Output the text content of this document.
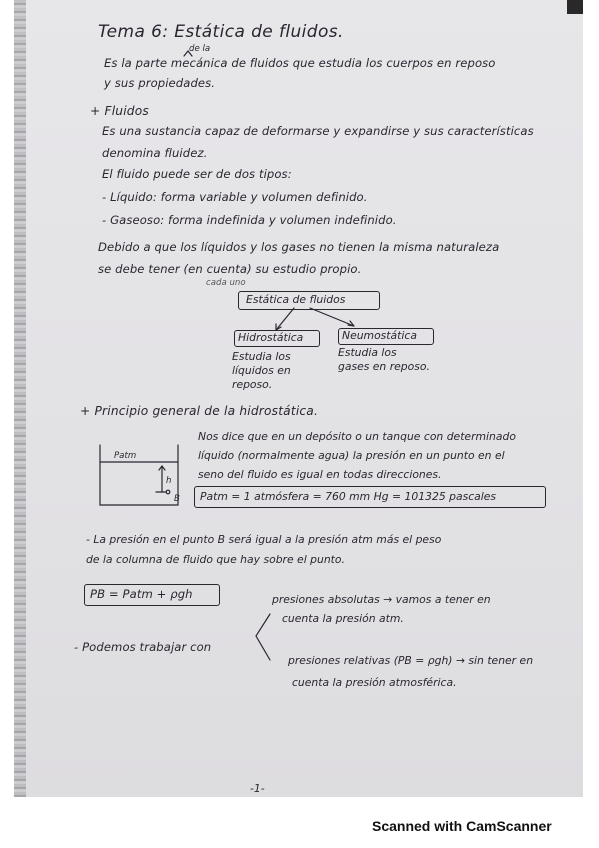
Tema 6: Estática de fluidos.
de la
Es la parte mecánica de fluidos que estudia los cuerpos en reposo
y sus propiedades.
+ Fluidos
Es una sustancia capaz de deformarse y expandirse y sus características
denomina fluidez.
El fluido puede ser de dos tipos:
- Líquido: forma variable y volumen definido.
- Gaseoso: forma indefinida y volumen indefinido.
Debido a que los líquidos y los gases no tienen la misma naturaleza
se debe tener (en cuenta) su estudio propio.
cada uno
Estática de fluidos
Hidrostática	Neumostática
Estudia los
líquidos en
reposo.
Estudia los
gases en reposo.
+ Principio general de la hidrostática.
Patm
h
B
Nos dice que en un depósito o un tanque con determinado
líquido (normalmente agua) la presión en un punto en el
seno del fluido es igual en todas direcciones.
Patm = 1 atmósfera = 760 mm Hg = 101325 pascales
- La presión en el punto B será igual a la presión atm más el peso
de la columna de fluido que hay sobre el punto.
PB = Patm + ρgh
- Podemos trabajar con
presiones absolutas → vamos a tener en
cuenta la presión atm.
presiones relativas (PB = ρgh) → sin tener en
cuenta la presión atmosférica.
-1-
Scanned with CamScanner
